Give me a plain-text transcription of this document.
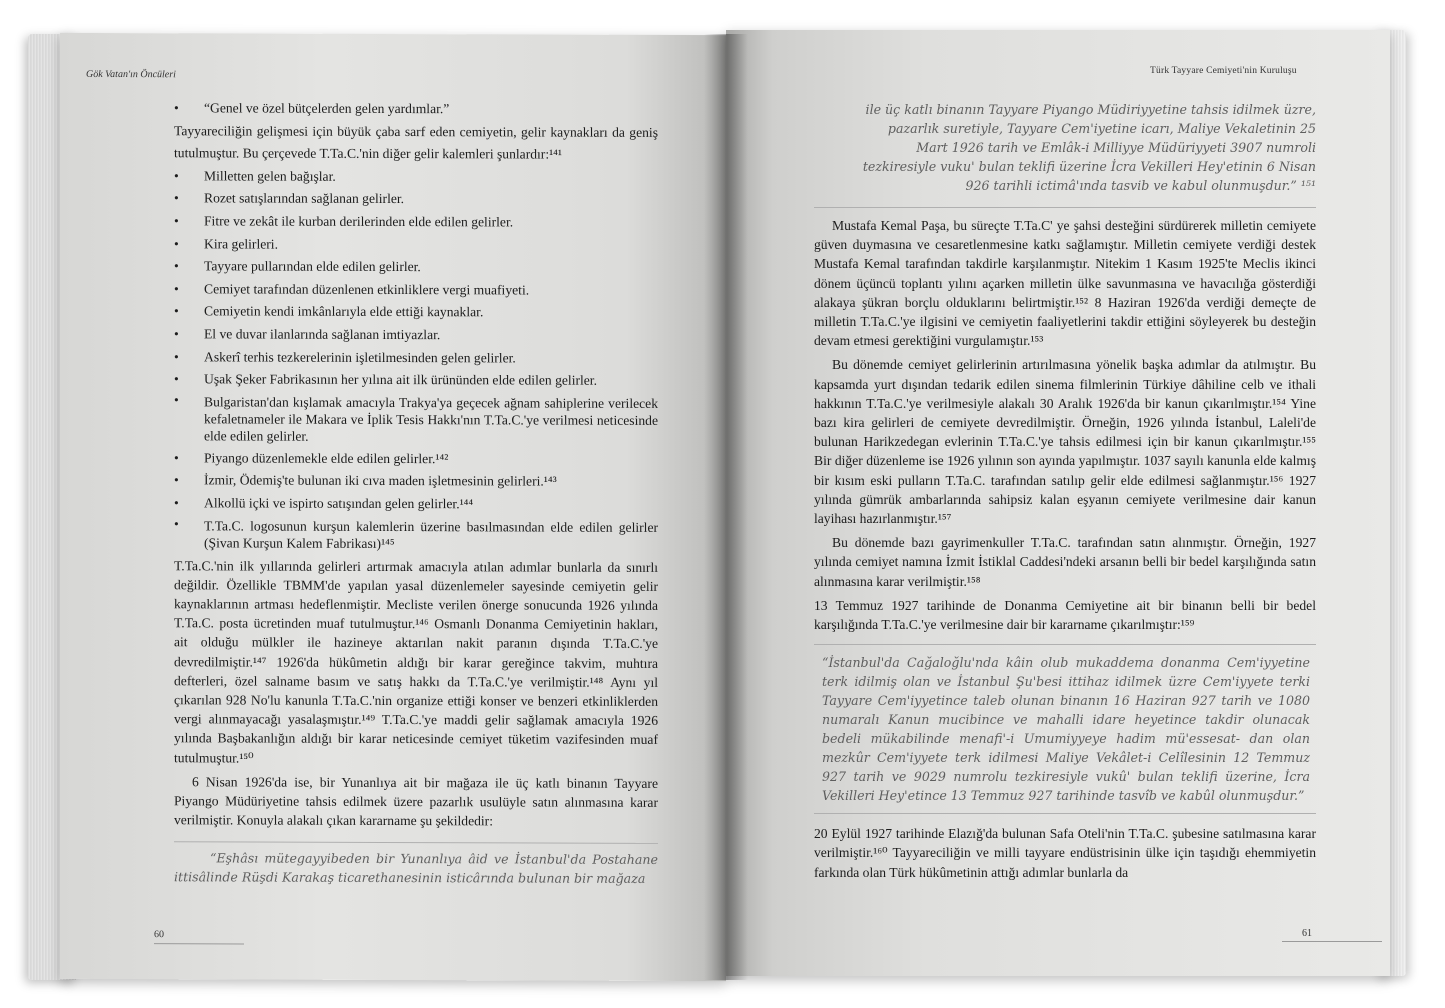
Gök Vatan'ın Öncüleri
•	“Genel ve özel bütçelerden gelen yardımlar.”

Tayyareciliğin gelişmesi için büyük çaba sarf eden cemiyetin, gelir kaynakları da geniş tutulmuştur. Bu çerçevede T.Ta.C.'nin diğer gelir kalemleri şunlardır:¹⁴¹

•	Milletten gelen bağışlar.
•	Rozet satışlarından sağlanan gelirler.
•	Fitre ve zekât ile kurban derilerinden elde edilen gelirler.
•	Kira gelirleri.
•	Tayyare pullarından elde edilen gelirler.
•	Cemiyet tarafından düzenlenen etkinliklere vergi muafiyeti.
•	Cemiyetin kendi imkânlarıyla elde ettiği kaynaklar.
•	El ve duvar ilanlarında sağlanan imtiyazlar.
•	Askerî terhis tezkerelerinin işletilmesinden gelen gelirler.
•	Uşak Şeker Fabrikasının her yılına ait ilk ürününden elde edilen gelirler.
•	Bulgaristan'dan kışlamak amacıyla Trakya'ya geçecek ağnam sahiplerine verilecek kefaletnameler ile Makara ve İplik Tesis Hakkı'nın T.Ta.C.'ye verilmesi neticesinde elde edilen gelirler.
•	Piyango düzenlemekle elde edilen gelirler.¹⁴²
•	İzmir, Ödemiş'te bulunan iki cıva maden işletmesinin gelirleri.¹⁴³
•	Alkollü içki ve ispirto satışından gelen gelirler.¹⁴⁴
•	T.Ta.C. logosunun kurşun kalemlerin üzerine basılmasından elde edilen gelirler (Şivan Kurşun Kalem Fabrikası)¹⁴⁵

T.Ta.C.'nin ilk yıllarında gelirleri artırmak amacıyla atılan adımlar bunlarla da sınırlı değildir. Özellikle TBMM'de yapılan yasal düzenlemeler sayesinde cemiyetin gelir kaynaklarının artması hedeflenmiştir. Mecliste verilen önerge sonucunda 1926 yılında T.Ta.C. posta ücretinden muaf tutulmuştur.¹⁴⁶ Osmanlı Donanma Cemiyetinin hakları, ait olduğu mülkler ile hazineye aktarılan nakit paranın dışında T.Ta.C.'ye devredilmiştir.¹⁴⁷ 1926'da hükûmetin aldığı bir karar gereğince takvim, muhtıra defterleri, özel salname basım ve satış hakkı da T.Ta.C.'ye verilmiştir.¹⁴⁸ Aynı yıl çıkarılan 928 No'lu kanunla T.Ta.C.'nin organize ettiği konser ve benzeri etkinliklerden vergi alınmayacağı yasalaşmıştır.¹⁴⁹ T.Ta.C.'ye maddi gelir sağlamak amacıyla 1926 yılında Başbakanlığın aldığı bir karar neticesinde cemiyet tüketim vazifesinden muaf tutulmuştur.¹⁵⁰

6 Nisan 1926'da ise, bir Yunanlıya ait bir mağaza ile üç katlı binanın Tayyare Piyango Müdüriyetine tahsis edilmek üzere pazarlık usulüyle satın alınmasına karar verilmiştir. Konuyla alakalı çıkan kararname şu şekildedir:

“Eşhâsı mütegayyibeden bir Yunanlıya âid ve İstanbul'da Postahane ittisâlinde Rüşdi Karakaş ticarethanesinin isticârında bulunan bir mağaza

60
Türk Tayyare Cemiyeti'nin Kuruluşu

ile üç katlı binanın Tayyare Piyango Müdiriyyetine tahsis idilmek üzre, pazarlık suretiyle, Tayyare Cem'iyetine icarı, Maliye Vekaletinin 25 Mart 1926 tarih ve Emlâk-i Milliyye Müdüriyyeti 3907 numroli tezkiresiyle vuku' bulan teklifi üzerine İcra Vekilleri Hey'etinin 6 Nisan 926 tarihli ictimâ'ında tasvib ve kabul olunmuşdur.” ¹⁵¹

Mustafa Kemal Paşa, bu süreçte T.Ta.C' ye şahsi desteğini sürdürerek milletin cemiyete güven duymasına ve cesaretlenmesine katkı sağlamıştır. Milletin cemiyete verdiği destek Mustafa Kemal tarafından takdirle karşılanmıştır. Nitekim 1 Kasım 1925'te Meclis ikinci dönem üçüncü toplantı yılını açarken milletin ülke savunmasına ve havacılığa gösterdiği alakaya şükran borçlu olduklarını belirtmiştir.¹⁵² 8 Haziran 1926'da verdiği demeçte de milletin T.Ta.C.'ye ilgisini ve cemiyetin faaliyetlerini takdir ettiğini söyleyerek bu desteğin devam etmesi gerektiğini vurgulamıştır.¹⁵³

Bu dönemde cemiyet gelirlerinin artırılmasına yönelik başka adımlar da atılmıştır. Bu kapsamda yurt dışından tedarik edilen sinema filmlerinin Türkiye dâhiline celb ve ithali hakkının T.Ta.C.'ye verilmesiyle alakalı 30 Aralık 1926'da bir kanun çıkarılmıştır.¹⁵⁴ Yine bazı kira gelirleri de cemiyete devredilmiştir. Örneğin, 1926 yılında İstanbul, Laleli'de bulunan Harikzedegan evlerinin T.Ta.C.'ye tahsis edilmesi için bir kanun çıkarılmıştır.¹⁵⁵ Bir diğer düzenleme ise 1926 yılının son ayında yapılmıştır. 1037 sayılı kanunla elde kalmış bir kısım eski pulların T.Ta.C. tarafından satılıp gelir elde edilmesi sağlanmıştır.¹⁵⁶ 1927 yılında gümrük ambarlarında sahipsiz kalan eşyanın cemiyete verilmesine dair kanun layihası hazırlanmıştır.¹⁵⁷

Bu dönemde bazı gayrimenkuller T.Ta.C. tarafından satın alınmıştır. Örneğin, 1927 yılında cemiyet namına İzmit İstiklal Caddesi'ndeki arsanın belli bir bedel karşılığında satın alınmasına karar verilmiştir.¹⁵⁸

13 Temmuz 1927 tarihinde de Donanma Cemiyetine ait bir binanın belli bir bedel karşılığında T.Ta.C.'ye verilmesine dair bir kararname çıkarılmıştır:¹⁵⁹

“İstanbul'da Cağaloğlu'nda kâin olub mukaddema donanma Cem'iyyetine terk idilmiş olan ve İstanbul Şu'besi ittihaz idilmek üzre Cem'iyyete terki Tayyare Cem'iyyetince taleb olunan binanın 16 Haziran 927 tarih ve 1080 numaralı Kanun mucibince ve mahalli idare heyetince takdir olunacak bedeli mükabilinde menafi'-i Umumiyyeye hadim mü'essesat- dan olan mezkûr Cem'iyyete terk idilmesi Maliye Vekâlet-i Celîlesinin 12 Temmuz 927 tarih ve 9029 numrolu tezkiresiyle vukû' bulan teklifi üzerine, İcra Vekilleri Hey'etince 13 Temmuz 927 tarihinde tasvîb ve kabûl olunmuşdur.”

20 Eylül 1927 tarihinde Elazığ'da bulunan Safa Oteli'nin T.Ta.C. şubesine satılmasına karar verilmiştir.¹⁶⁰ Tayyareciliğin ve milli tayyare endüstrisinin ülke için taşıdığı ehemmiyetin farkında olan Türk hükûmetinin attığı adımlar bunlarla da

61
